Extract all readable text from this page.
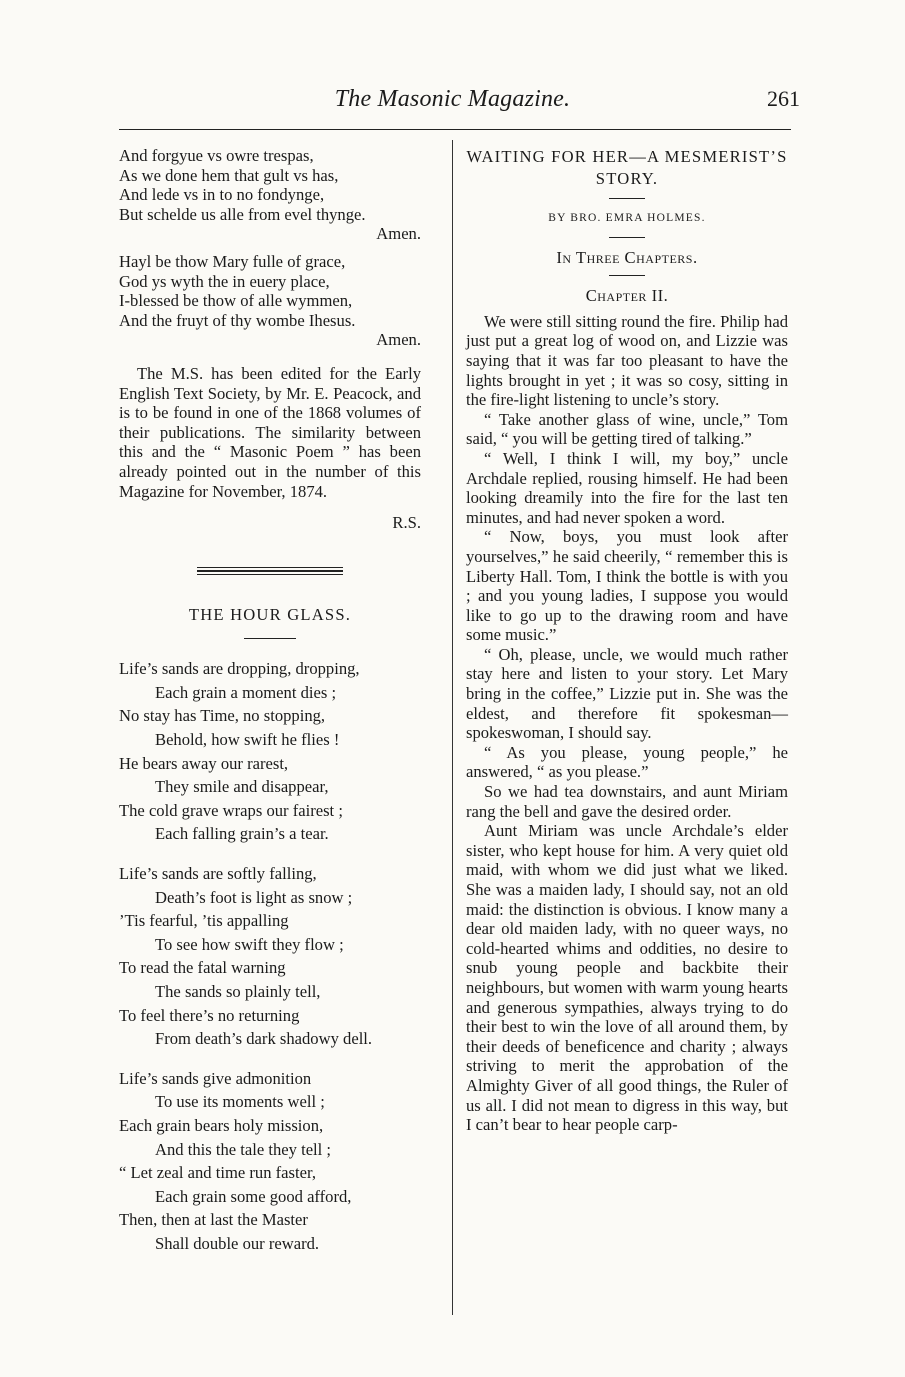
The Masonic Magazine.	261
And forgyue vs owre trespas,
As we done hem that gult vs has,
And lede vs in to no fondynge,
But schelde us alle from evel thynge.
Amen.
Hayl be thow Mary fulle of grace,
God ys wyth the in euery place,
I-blessed be thow of alle wymmen,
And the fruyt of thy wombe Ihesus.
Amen.

The M.S. has been edited for the Early English Text Society, by Mr. E. Peacock, and is to be found in one of the 1868 volumes of their publications. The similarity between this and the “ Masonic Poem ” has been already pointed out in the number of this Magazine for November, 1874.

R.S.
THE HOUR GLASS.
Life’s sands are dropping, dropping,
Each grain a moment dies ;
No stay has Time, no stopping,
Behold, how swift he flies !
He bears away our rarest,
They smile and disappear,
The cold grave wraps our fairest ;
Each falling grain’s a tear.
Life’s sands are softly falling,
Death’s foot is light as snow ;
’Tis fearful, ’tis appalling
To see how swift they flow ;
To read the fatal warning
The sands so plainly tell,
To feel there’s no returning
From death’s dark shadowy dell.
Life’s sands give admonition
To use its moments well ;
Each grain bears holy mission,
And this the tale they tell ;
“ Let zeal and time run faster,
Each grain some good afford,
Then, then at last the Master
Shall double our reward.
WAITING FOR HER—A MESMERIST’S STORY.
BY BRO. EMRA HOLMES.
In Three Chapters.
Chapter II.

We were still sitting round the fire. Philip had just put a great log of wood on, and Lizzie was saying that it was far too pleasant to have the lights brought in yet ; it was so cosy, sitting in the fire-light listening to uncle’s story.

“ Take another glass of wine, uncle,” Tom said, “ you will be getting tired of talking.”

“ Well, I think I will, my boy,” uncle Archdale replied, rousing himself. He had been looking dreamily into the fire for the last ten minutes, and had never spoken a word.

“ Now, boys, you must look after yourselves,” he said cheerily, “ remember this is Liberty Hall. Tom, I think the bottle is with you ; and you young ladies, I suppose you would like to go up to the drawing room and have some music.”

“ Oh, please, uncle, we would much rather stay here and listen to your story. Let Mary bring in the coffee,” Lizzie put in. She was the eldest, and therefore fit spokesman—spokeswoman, I should say.

“ As you please, young people,” he answered, “ as you please.”

So we had tea downstairs, and aunt Miriam rang the bell and gave the desired order.

Aunt Miriam was uncle Archdale’s elder sister, who kept house for him. A very quiet old maid, with whom we did just what we liked. She was a maiden lady, I should say, not an old maid: the distinction is obvious. I know many a dear old maiden lady, with no queer ways, no cold-hearted whims and oddities, no desire to snub young people and backbite their neighbours, but women with warm young hearts and generous sympathies, always trying to do their best to win the love of all around them, by their deeds of beneficence and charity ; always striving to merit the approbation of the Almighty Giver of all good things, the Ruler of us all. I did not mean to digress in this way, but I can’t bear to hear people carp-
